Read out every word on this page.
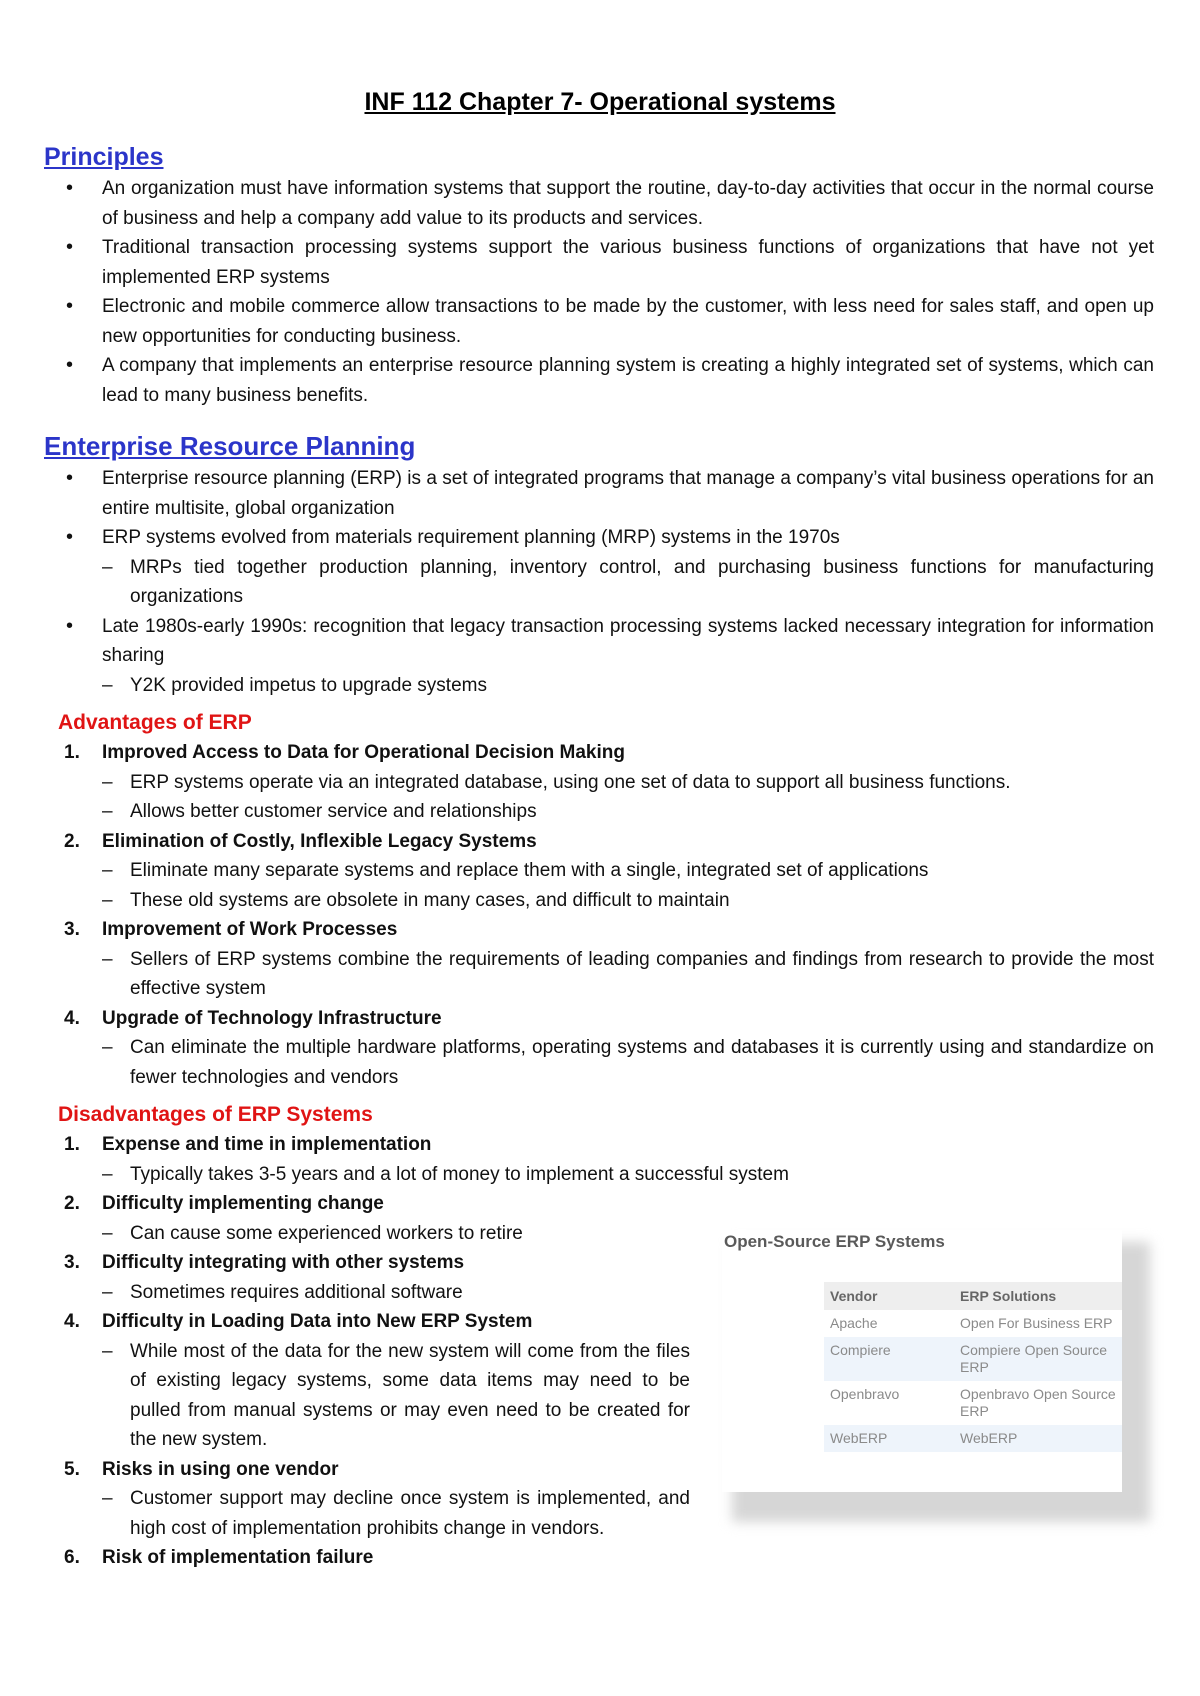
INF 112 Chapter 7- Operational systems
Principles
• An organization must have information systems that support the routine, day-to-day activities that occur in the normal course of business and help a company add value to its products and services.
• Traditional transaction processing systems support the various business functions of organizations that have not yet implemented ERP systems
• Electronic and mobile commerce allow transactions to be made by the customer, with less need for sales staff, and open up new opportunities for conducting business.
• A company that implements an enterprise resource planning system is creating a highly integrated set of systems, which can lead to many business benefits.
Enterprise Resource Planning
• Enterprise resource planning (ERP) is a set of integrated programs that manage a company’s vital business operations for an entire multisite, global organization
• ERP systems evolved from materials requirement planning (MRP) systems in the 1970s
– MRPs tied together production planning, inventory control, and purchasing business functions for manufacturing organizations
• Late 1980s-early 1990s: recognition that legacy transaction processing systems lacked necessary integration for information sharing
– Y2K provided impetus to upgrade systems
Advantages of ERP
1. Improved Access to Data for Operational Decision Making
– ERP systems operate via an integrated database, using one set of data to support all business functions.
– Allows better customer service and relationships
2. Elimination of Costly, Inflexible Legacy Systems
– Eliminate many separate systems and replace them with a single, integrated set of applications
– These old systems are obsolete in many cases, and difficult to maintain
3. Improvement of Work Processes
– Sellers of ERP systems combine the requirements of leading companies and findings from research to provide the most effective system
4. Upgrade of Technology Infrastructure
– Can eliminate the multiple hardware platforms, operating systems and databases it is currently using and standardize on fewer technologies and vendors
Disadvantages of ERP Systems
1. Expense and time in implementation
– Typically takes 3-5 years and a lot of money to implement a successful system
2. Difficulty implementing change
– Can cause some experienced workers to retire
3. Difficulty integrating with other systems
– Sometimes requires additional software
4. Difficulty in Loading Data into New ERP System
– While most of the data for the new system will come from the files of existing legacy systems, some data items may need to be pulled from manual systems or may even need to be created for the new system.
5. Risks in using one vendor
– Customer support may decline once system is implemented, and high cost of implementation prohibits change in vendors.
6. Risk of implementation failure
Open-Source ERP Systems
Vendor	ERP Solutions
Apache	Open For Business ERP
Compiere	Compiere Open Source ERP
Openbravo	Openbravo Open Source ERP
WebERP	WebERP
